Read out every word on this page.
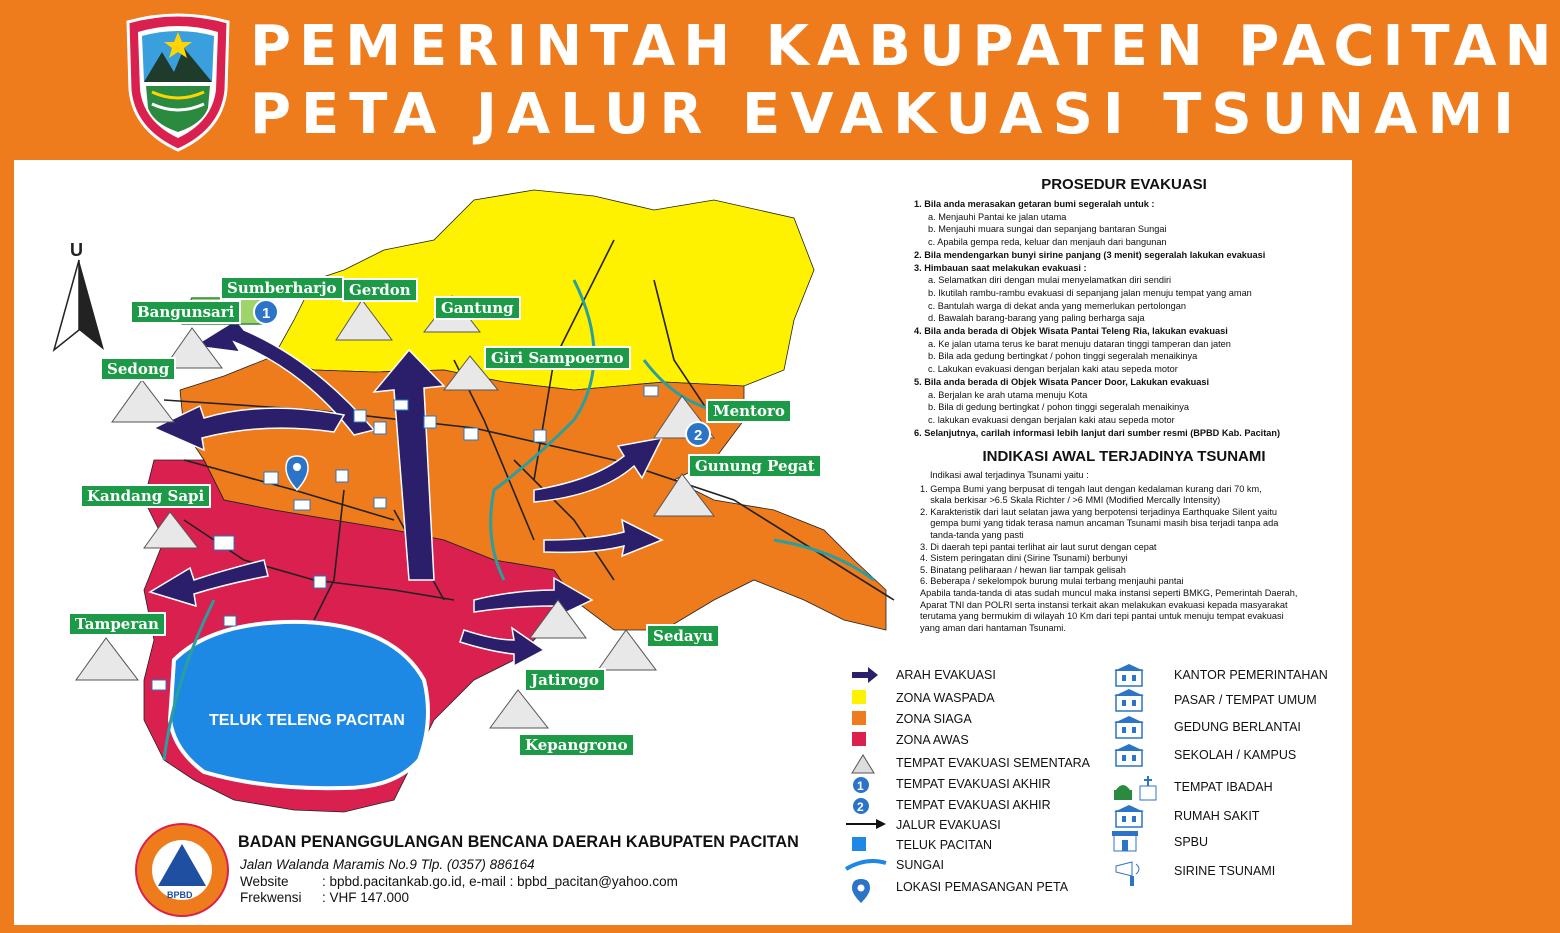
PEMERINTAH KABUPATEN PACITAN
PETA JALUR EVAKUASI TSUNAMI
U
1
2
TELUK TELENG PACITAN
Sumberharjo Gerdon
Bangunsari	Gantung
Sedong
Giri Sampoerno
Mentoro
Gunung Pegat
Kandang Sapi
Tamperan
Sedayu
Jatirogo
Kepangrono
PROSEDUR EVAKUASI
1. Bila anda merasakan getaran bumi segeralah untuk :
a. Menjauhi Pantai ke jalan utama
b. Menjauhi muara sungai dan sepanjang bantaran Sungai
c. Apabila gempa reda, keluar dan menjauh dari bangunan
2. Bila mendengarkan bunyi sirine panjang (3 menit) segeralah lakukan evakuasi
3. Himbauan saat melakukan evakuasi :
a. Selamatkan diri dengan mulai menyelamatkan diri sendiri
b. Ikutilah rambu-rambu evakuasi di sepanjang jalan menuju tempat yang aman
c. Bantulah warga di dekat anda yang memerlukan pertolongan
d. Bawalah barang-barang yang paling berharga saja
4. Bila anda berada di Objek Wisata Pantai Teleng Ria, lakukan evakuasi
a. Ke jalan utama terus ke barat menuju dataran tinggi tamperan dan jaten
b. Bila ada gedung bertingkat / pohon tinggi segeralah menaikinya
c. Lakukan evakuasi dengan berjalan kaki atau sepeda motor
5. Bila anda berada di Objek Wisata Pancer Door, Lakukan evakuasi
a. Berjalan ke arah utama menuju Kota
b. Bila di gedung bertingkat / pohon tinggi segeralah menaikinya
c. lakukan evakuasi dengan berjalan kaki atau sepeda motor
6. Selanjutnya, carilah informasi lebih lanjut dari sumber resmi (BPBD Kab. Pacitan)
INDIKASI AWAL TERJADINYA TSUNAMI
Indikasi awal terjadinya Tsunami yaitu :
1. Gempa Bumi yang berpusat di tengah laut dengan kedalaman kurang dari 70 km,
skala berkisar >6.5 Skala Richter / >6 MMI (Modified Mercally Intensity)
2. Karakteristik dari laut selatan jawa yang berpotensi terjadinya Earthquake Silent yaitu
gempa bumi yang tidak terasa namun ancaman Tsunami masih bisa terjadi tanpa ada
tanda-tanda yang pasti
3. Di daerah tepi pantai terlihat air laut surut dengan cepat
4. Sistem peringatan dini (Sirine Tsunami) berbunyi
5. Binatang peliharaan / hewan liar tampak gelisah
6. Beberapa / sekelompok burung mulai terbang menjauhi pantai
Apabila tanda-tanda di atas sudah muncul maka instansi seperti BMKG, Pemerintah Daerah,
Aparat TNI dan POLRI serta instansi terkait akan melakukan evakuasi kepada masyarakat
terutama yang bermukim di wilayah 10 Km dari tepi pantai untuk menuju tempat evakuasi
yang aman dari hantaman Tsunami.
ARAH EVAKUASI
ZONA WASPADA
ZONA SIAGA
ZONA AWAS
TEMPAT EVAKUASI SEMENTARA
1	TEMPAT EVAKUASI AKHIR
2	TEMPAT EVAKUASI AKHIR
JALUR EVAKUASI
TELUK PACITAN
SUNGAI
LOKASI PEMASANGAN PETA
KANTOR PEMERINTAHAN
PASAR / TEMPAT UMUM
GEDUNG BERLANTAI
SEKOLAH / KAMPUS
TEMPAT IBADAH
RUMAH SAKIT
SPBU
SIRINE TSUNAMI
BPBD
BADAN PENANGGULANGAN BENCANA DAERAH KABUPATEN PACITAN
Jalan Walanda Maramis No.9 Tlp. (0357) 886164
Website : bpbd.pacitankab.go.id, e-mail : bpbd_pacitan@yahoo.com
Frekwensi : VHF 147.000
